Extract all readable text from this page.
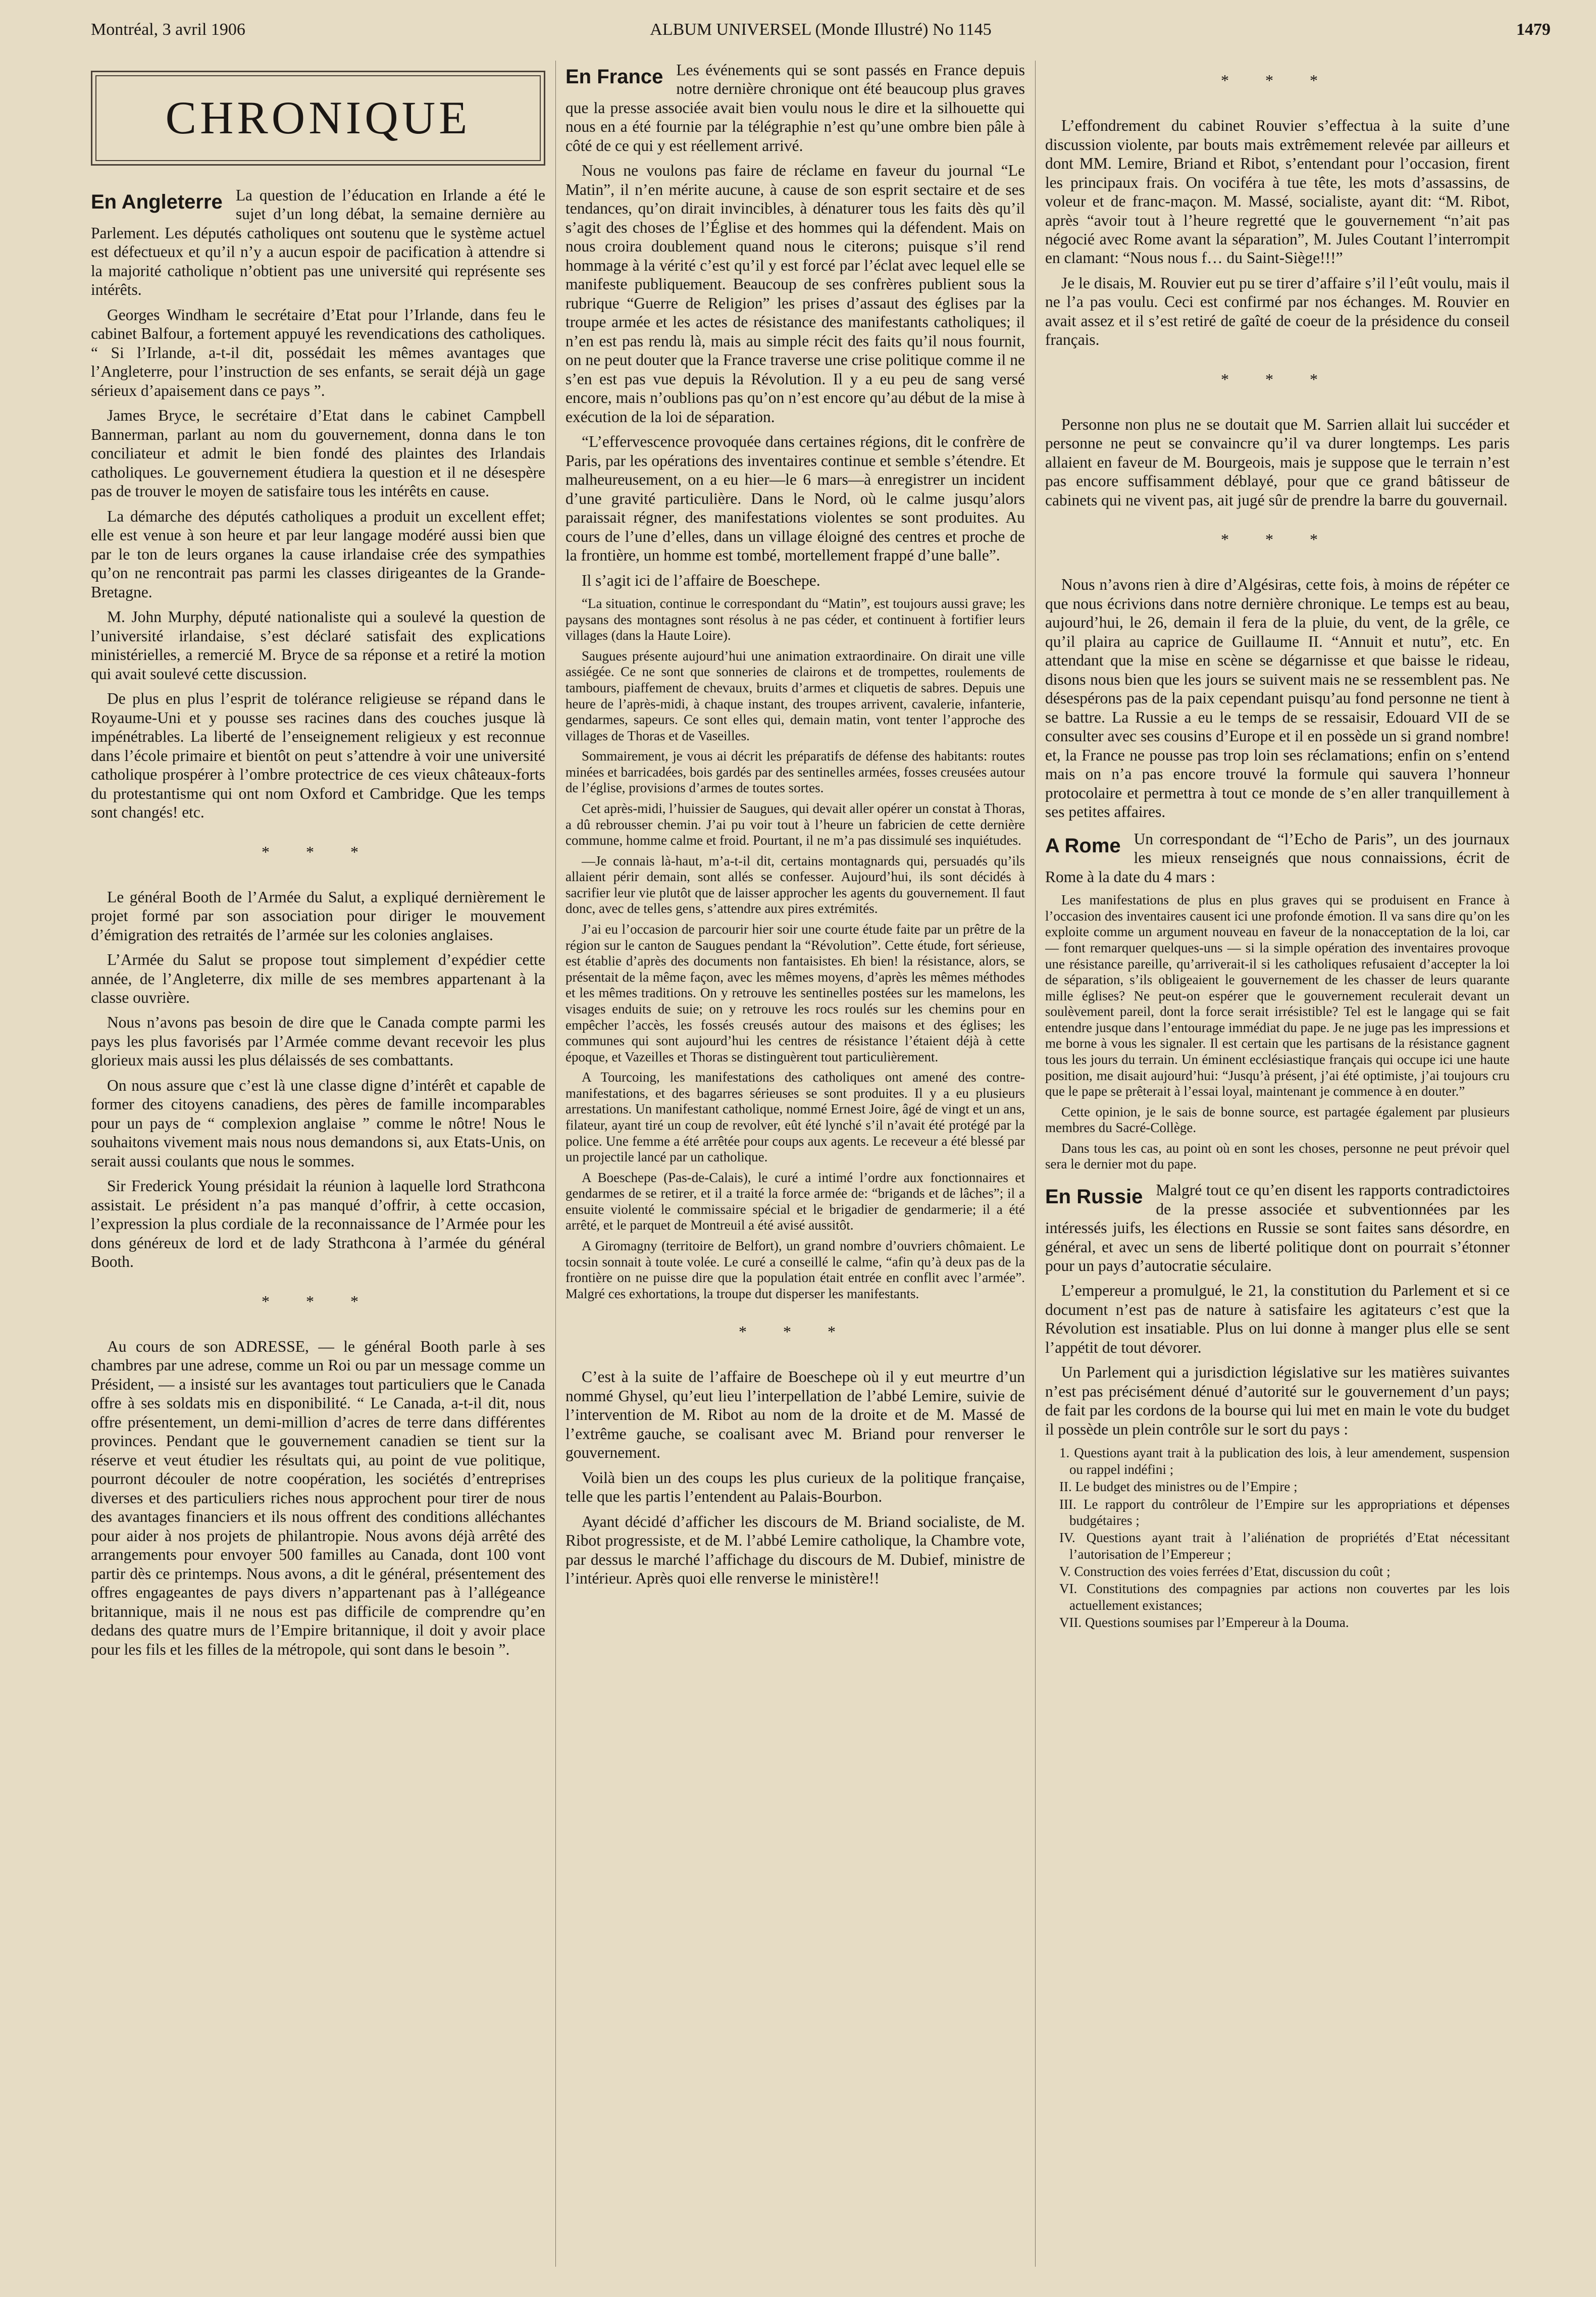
Montréal, 3 avril 1906	ALBUM UNIVERSEL (Monde Illustré) No 1145	1479
CHRONIQUE
En Angleterre La question de l’éducation en Irlande a été le sujet d’un long débat, la semaine dernière au Parlement. Les députés catholiques ont soutenu que le système actuel est défectueux et qu’il n’y a aucun espoir de pacification à attendre si la majorité catholique n’obtient pas une université qui représente ses intérêts.

Georges Windham le secrétaire d’Etat pour l’Irlande, dans feu le cabinet Balfour, a fortement appuyé les revendications des catholiques. “ Si l’Irlande, a-t-il dit, possédait les mêmes avantages que l’Angleterre, pour l’instruction de ses enfants, se serait déjà un gage sérieux d’apaisement dans ce pays ”.

James Bryce, le secrétaire d’Etat dans le cabinet Campbell Bannerman, parlant au nom du gouvernement, donna dans le ton conciliateur et admit le bien fondé des plaintes des Irlandais catholiques. Le gouvernement étudiera la question et il ne désespère pas de trouver le moyen de satisfaire tous les intérêts en cause.

La démarche des députés catholiques a produit un excellent effet; elle est venue à son heure et par leur langage modéré aussi bien que par le ton de leurs organes la cause irlandaise crée des sympathies qu’on ne rencontrait pas parmi les classes dirigeantes de la Grande-Bretagne.

M. John Murphy, député nationaliste qui a soulevé la question de l’université irlandaise, s’est déclaré satisfait des explications ministérielles, a remercié M. Bryce de sa réponse et a retiré la motion qui avait soulevé cette discussion.

De plus en plus l’esprit de tolérance religieuse se répand dans le Royaume-Uni et y pousse ses racines dans des couches jusque là impénétrables. La liberté de l’enseignement religieux y est reconnue dans l’école primaire et bientôt on peut s’attendre à voir une université catholique prospérer à l’ombre protectrice de ces vieux châteaux-forts du protestantisme qui ont nom Oxford et Cambridge. Que les temps sont changés! etc.

* * *

Le général Booth de l’Armée du Salut, a expliqué dernièrement le projet formé par son association pour diriger le mouvement d’émigration des retraités de l’armée sur les colonies anglaises.

L’Armée du Salut se propose tout simplement d’expédier cette année, de l’Angleterre, dix mille de ses membres appartenant à la classe ouvrière.

Nous n’avons pas besoin de dire que le Canada compte parmi les pays les plus favorisés par l’Armée comme devant recevoir les plus glorieux mais aussi les plus délaissés de ses combattants.

On nous assure que c’est là une classe digne d’intérêt et capable de former des citoyens canadiens, des pères de famille incomparables pour un pays de “ complexion anglaise ” comme le nôtre! Nous le souhaitons vivement mais nous nous demandons si, aux Etats-Unis, on serait aussi coulants que nous le sommes.

Sir Frederick Young présidait la réunion à laquelle lord Strathcona assistait. Le président n’a pas manqué d’offrir, à cette occasion, l’expression la plus cordiale de la reconnaissance de l’Armée pour les dons généreux de lord et de lady Strathcona à l’armée du général Booth.

* * *

Au cours de son ADRESSE, — le général Booth parle à ses chambres par une adrese, comme un Roi ou par un message comme un Président, — a insisté sur les avantages tout particuliers que le Canada offre à ses soldats mis en disponibilité. “ Le Canada, a-t-il dit, nous offre présentement, un demi-million d’acres de terre dans différentes provinces. Pendant que le gouvernement canadien se tient sur la réserve et veut étudier les résultats qui, au point de vue politique, pourront découler de notre coopération, les sociétés d’entreprises diverses et des particuliers riches nous approchent pour tirer de nous des avantages financiers et ils nous offrent des conditions alléchantes pour aider à nos projets de philantropie. Nous avons déjà arrêté des arrangements pour envoyer 500 familles au Canada, dont 100 vont partir dès ce printemps. Nous avons, a dit le général, présentement des offres engageantes de pays divers n’appartenant pas à l’allégeance britannique, mais il ne nous est pas difficile de comprendre qu’en dedans des quatre murs de l’Empire britannique, il doit y avoir place pour les fils et les filles de la métropole, qui sont dans le besoin ”.

En France Les événements qui se sont passés en France depuis notre dernière chronique ont été beaucoup plus graves que la presse associée avait bien voulu nous le dire et la silhouette qui nous en a été fournie par la télégraphie n’est qu’une ombre bien pâle à côté de ce qui y est réellement arrivé.

Nous ne voulons pas faire de réclame en faveur du journal “Le Matin”, il n’en mérite aucune, à cause de son esprit sectaire et de ses tendances, qu’on dirait invincibles, à dénaturer tous les faits dès qu’il s’agit des choses de l’Église et des hommes qui la défendent. Mais on nous croira doublement quand nous le citerons; puisque s’il rend hommage à la vérité c’est qu’il y est forcé par l’éclat avec lequel elle se manifeste publiquement. Beaucoup de ses confrères publient sous la rubrique “Guerre de Religion” les prises d’assaut des églises par la troupe armée et les actes de résistance des manifestants catholiques; il n’en est pas rendu là, mais au simple récit des faits qu’il nous fournit, on ne peut douter que la France traverse une crise politique comme il ne s’en est pas vue depuis la Révolution. Il y a eu peu de sang versé encore, mais n’oublions pas qu’on n’est encore qu’au début de la mise à exécution de la loi de séparation.

“L’effervescence provoquée dans certaines régions, dit le confrère de Paris, par les opérations des inventaires continue et semble s’étendre. Et malheureusement, on a eu hier—le 6 mars—à enregistrer un incident d’une gravité particulière. Dans le Nord, où le calme jusqu’alors paraissait régner, des manifestations violentes se sont produites. Au cours de l’une d’elles, dans un village éloigné des centres et proche de la frontière, un homme est tombé, mortellement frappé d’une balle”.

Il s’agit ici de l’affaire de Boeschepe.

“La situation, continue le correspondant du “Matin”, est toujours aussi grave; les paysans des montagnes sont résolus à ne pas céder, et continuent à fortifier leurs villages (dans la Haute Loire).

Saugues présente aujourd’hui une animation extraordinaire. On dirait une ville assiégée. Ce ne sont que sonneries de clairons et de trompettes, roulements de tambours, piaffement de chevaux, bruits d’armes et cliquetis de sabres. Depuis une heure de l’après-midi, à chaque instant, des troupes arrivent, cavalerie, infanterie, gendarmes, sapeurs. Ce sont elles qui, demain matin, vont tenter l’approche des villages de Thoras et de Vaseilles.

Sommairement, je vous ai décrit les préparatifs de défense des habitants: routes minées et barricadées, bois gardés par des sentinelles armées, fosses creusées autour de l’église, provisions d’armes de toutes sortes.

Cet après-midi, l’huissier de Saugues, qui devait aller opérer un constat à Thoras, a dû rebrousser chemin. J’ai pu voir tout à l’heure un fabricien de cette dernière commune, homme calme et froid. Pourtant, il ne m’a pas dissimulé ses inquiétudes.

—Je connais là-haut, m’a-t-il dit, certains montagnards qui, persuadés qu’ils allaient périr demain, sont allés se confesser. Aujourd’hui, ils sont décidés à sacrifier leur vie plutôt que de laisser approcher les agents du gouvernement. Il faut donc, avec de telles gens, s’attendre aux pires extrémités.

J’ai eu l’occasion de parcourir hier soir une courte étude faite par un prêtre de la région sur le canton de Saugues pendant la “Révolution”. Cette étude, fort sérieuse, est établie d’après des documents non fantaisistes. Eh bien! la résistance, alors, se présentait de la même façon, avec les mêmes moyens, d’après les mêmes méthodes et les mêmes traditions. On y retrouve les sentinelles postées sur les mamelons, les visages enduits de suie; on y retrouve les rocs roulés sur les chemins pour en empêcher l’accès, les fossés creusés autour des maisons et des églises; les communes qui sont aujourd’hui les centres de résistance l’étaient déjà à cette époque, et Vazeilles et Thoras se distinguèrent tout particulièrement.

A Tourcoing, les manifestations des catholiques ont amené des contre-manifestations, et des bagarres sérieuses se sont produites. Il y a eu plusieurs arrestations. Un manifestant catholique, nommé Ernest Joire, âgé de vingt et un ans, filateur, ayant tiré un coup de revolver, eût été lynché s’il n’avait été protégé par la police. Une femme a été arrêtée pour coups aux agents. Le receveur a été blessé par un projectile lancé par un catholique.

A Boeschepe (Pas-de-Calais), le curé a intimé l’ordre aux fonctionnaires et gendarmes de se retirer, et il a traité la force armée de: “brigands et de lâches”; il a ensuite violenté le commissaire spécial et le brigadier de gendarmerie; il a été arrêté, et le parquet de Montreuil a été avisé aussitôt.

A Giromagny (territoire de Belfort), un grand nombre d’ouvriers chômaient. Le tocsin sonnait à toute volée. Le curé a conseillé le calme, “afin qu’à deux pas de la frontière on ne puisse dire que la population était entrée en conflit avec l’armée”. Malgré ces exhortations, la troupe dut disperser les manifestants.

* * *

C’est à la suite de l’affaire de Boeschepe où il y eut meurtre d’un nommé Ghysel, qu’eut lieu l’interpellation de l’abbé Lemire, suivie de l’intervention de M. Ribot au nom de la droite et de M. Massé de l’extrême gauche, se coalisant avec M. Briand pour renverser le gouvernement.

Voilà bien un des coups les plus curieux de la politique française, telle que les partis l’entendent au Palais-Bourbon.

Ayant décidé d’afficher les discours de M. Briand socialiste, de M. Ribot progressiste, et de M. l’abbé Lemire catholique, la Chambre vote, par dessus le marché l’affichage du discours de M. Dubief, ministre de l’intérieur. Après quoi elle renverse le ministère!!

* * *

L’effondrement du cabinet Rouvier s’effectua à la suite d’une discussion violente, par bouts mais extrêmement relevée par ailleurs et dont MM. Lemire, Briand et Ribot, s’entendant pour l’occasion, firent les principaux frais. On vociféra à tue tête, les mots d’assassins, de voleur et de franc-maçon. M. Massé, socialiste, ayant dit: “M. Ribot, après “avoir tout à l’heure regretté que le gouvernement “n’ait pas négocié avec Rome avant la séparation”, M. Jules Coutant l’interrompit en clamant: “Nous nous f… du Saint-Siège!!!”

Je le disais, M. Rouvier eut pu se tirer d’affaire s’il l’eût voulu, mais il ne l’a pas voulu. Ceci est confirmé par nos échanges. M. Rouvier en avait assez et il s’est retiré de gaîté de coeur de la présidence du conseil français.

* * *

Personne non plus ne se doutait que M. Sarrien allait lui succéder et personne ne peut se convaincre qu’il va durer longtemps. Les paris allaient en faveur de M. Bourgeois, mais je suppose que le terrain n’est pas encore suffisamment déblayé, pour que ce grand bâtisseur de cabinets qui ne vivent pas, ait jugé sûr de prendre la barre du gouvernail.

* * *

Nous n’avons rien à dire d’Algésiras, cette fois, à moins de répéter ce que nous écrivions dans notre dernière chronique. Le temps est au beau, aujourd’hui, le 26, demain il fera de la pluie, du vent, de la grêle, ce qu’il plaira au caprice de Guillaume II. “Annuit et nutu”, etc. En attendant que la mise en scène se dégarnisse et que baisse le rideau, disons nous bien que les jours se suivent mais ne se ressemblent pas. Ne désespérons pas de la paix cependant puisqu’au fond personne ne tient à se battre. La Russie a eu le temps de se ressaisir, Edouard VII de se consulter avec ses cousins d’Europe et il en possède un si grand nombre! et, la France ne pousse pas trop loin ses réclamations; enfin on s’entend mais on n’a pas encore trouvé la formule qui sauvera l’honneur protocolaire et permettra à tout ce monde de s’en aller tranquillement à ses petites affaires.

A Rome Un correspondant de “l’Echo de Paris”, un des journaux les mieux renseignés que nous connaissions, écrit de Rome à la date du 4 mars :

Les manifestations de plus en plus graves qui se produisent en France à l’occasion des inventaires causent ici une profonde émotion. Il va sans dire qu’on les exploite comme un argument nouveau en faveur de la nonacceptation de la loi, car — font remarquer quelques-uns — si la simple opération des inventaires provoque une résistance pareille, qu’arriverait-il si les catholiques refusaient d’accepter la loi de séparation, s’ils obligeaient le gouvernement de les chasser de leurs quarante mille églises? Ne peut-on espérer que le gouvernement reculerait devant un soulèvement pareil, dont la force serait irrésistible? Tel est le langage qui se fait entendre jusque dans l’entourage immédiat du pape. Je ne juge pas les impressions et me borne à vous les signaler. Il est certain que les partisans de la résistance gagnent tous les jours du terrain. Un éminent ecclésiastique français qui occupe ici une haute position, me disait aujourd’hui: “Jusqu’à présent, j’ai été optimiste, j’ai toujours cru que le pape se prêterait à l’essai loyal, maintenant je commence à en douter.”

Cette opinion, je le sais de bonne source, est partagée également par plusieurs membres du Sacré-Collège.

Dans tous les cas, au point où en sont les choses, personne ne peut prévoir quel sera le dernier mot du pape.

En Russie Malgré tout ce qu’en disent les rapports contradictoires de la presse associée et subventionnées par les intéressés juifs, les élections en Russie se sont faites sans désordre, en général, et avec un sens de liberté politique dont on pourrait s’étonner pour un pays d’autocratie séculaire.

L’empereur a promulgué, le 21, la constitution du Parlement et si ce document n’est pas de nature à satisfaire les agitateurs c’est que la Révolution est insatiable. Plus on lui donne à manger plus elle se sent l’appétit de tout dévorer.

Un Parlement qui a jurisdiction législative sur les matières suivantes n’est pas précisément dénué d’autorité sur le gouvernement d’un pays; de fait par les cordons de la bourse qui lui met en main le vote du budget il possède un plein contrôle sur le sort du pays :

1. Questions ayant trait à la publication des lois, à leur amendement, suspension ou rappel indéfini ;
II. Le budget des ministres ou de l’Empire ;
III. Le rapport du contrôleur de l’Empire sur les appropriations et dépenses budgétaires ;
IV. Questions ayant trait à l’aliénation de propriétés d’Etat nécessitant l’autorisation de l’Empereur ;
V. Construction des voies ferrées d’Etat, discussion du coût ;
VI. Constitutions des compagnies par actions non couvertes par les lois actuellement existances;
VII. Questions soumises par l’Empereur à la Douma.
